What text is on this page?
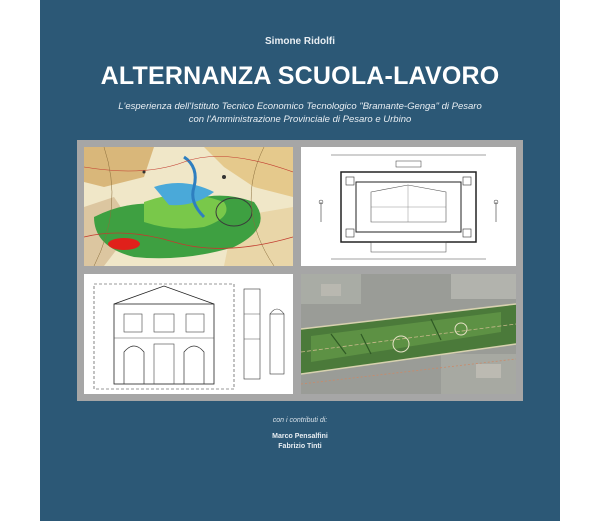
Simone Ridolfi
ALTERNANZA SCUOLA-LAVORO
L'esperienza dell'Istituto Tecnico Economico Tecnologico "Bramante-Genga" di Pesaro
con l'Amministrazione Provinciale di Pesaro e Urbino
con i contributi di:
Marco Pensalfini
Fabrizio Tinti
